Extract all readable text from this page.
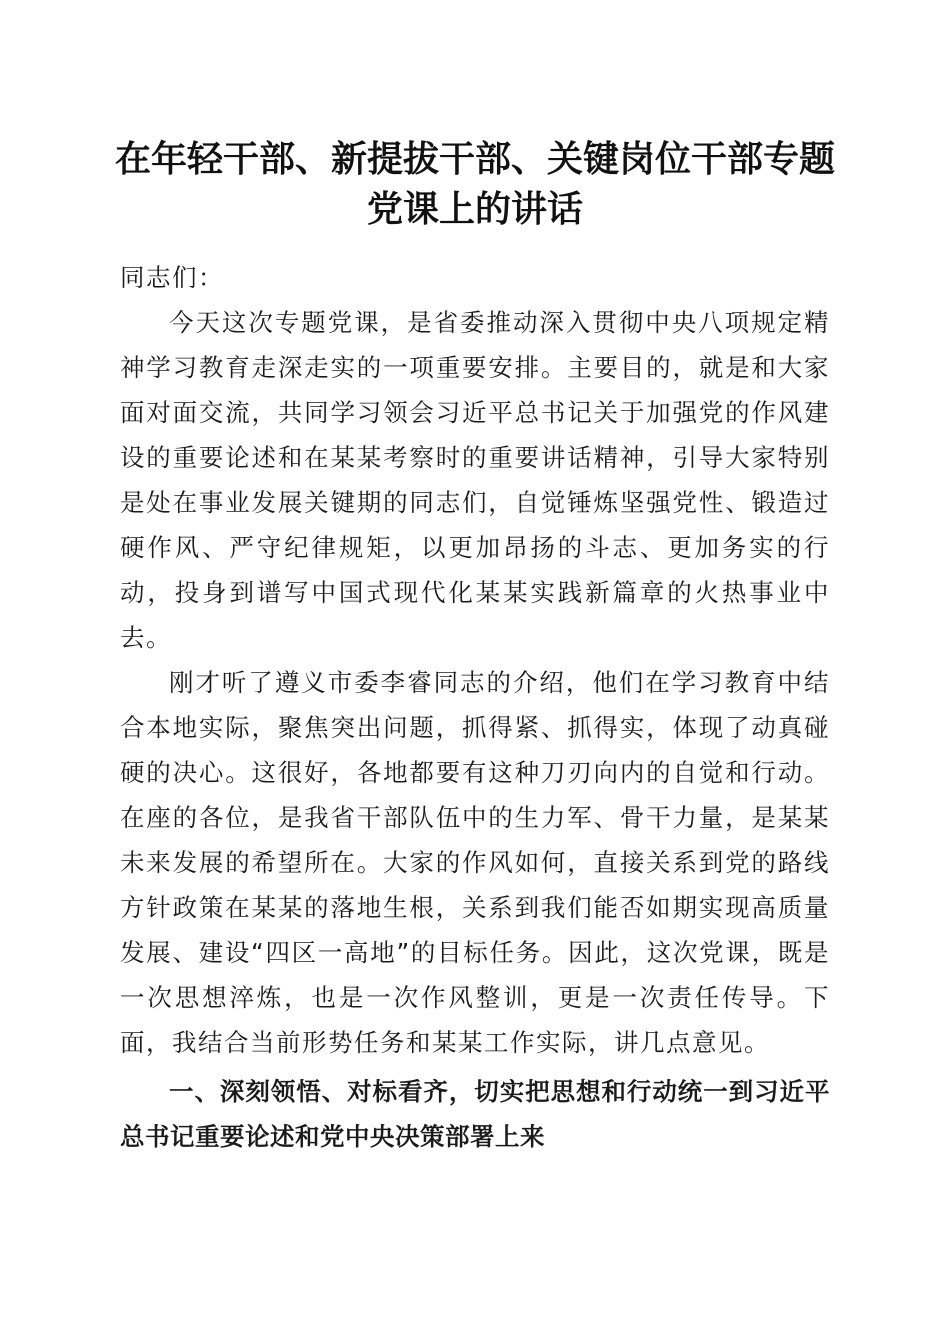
在年轻干部、新提拔干部、关键岗位干部专题
党课上的讲话

同志们：

今天这次专题党课，是省委推动深入贯彻中央八项规定精神学习教育走深走实的一项重要安排。主要目的，就是和大家面对面交流，共同学习领会习近平总书记关于加强党的作风建设的重要论述和在某某考察时的重要讲话精神，引导大家特别是处在事业发展关键期的同志们，自觉锤炼坚强党性、锻造过硬作风、严守纪律规矩，以更加昂扬的斗志、更加务实的行动，投身到谱写中国式现代化某某实践新篇章的火热事业中去。

刚才听了遵义市委李睿同志的介绍，他们在学习教育中结合本地实际，聚焦突出问题，抓得紧、抓得实，体现了动真碰硬的决心。这很好，各地都要有这种刀刃向内的自觉和行动。在座的各位，是我省干部队伍中的生力军、骨干力量，是某某未来发展的希望所在。大家的作风如何，直接关系到党的路线方针政策在某某的落地生根，关系到我们能否如期实现高质量发展、建设“四区一高地”的目标任务。因此，这次党课，既是一次思想淬炼，也是一次作风整训，更是一次责任传导。下面，我结合当前形势任务和某某工作实际，讲几点意见。

一、深刻领悟、对标看齐，切实把思想和行动统一到习近平总书记重要论述和党中央决策部署上来
